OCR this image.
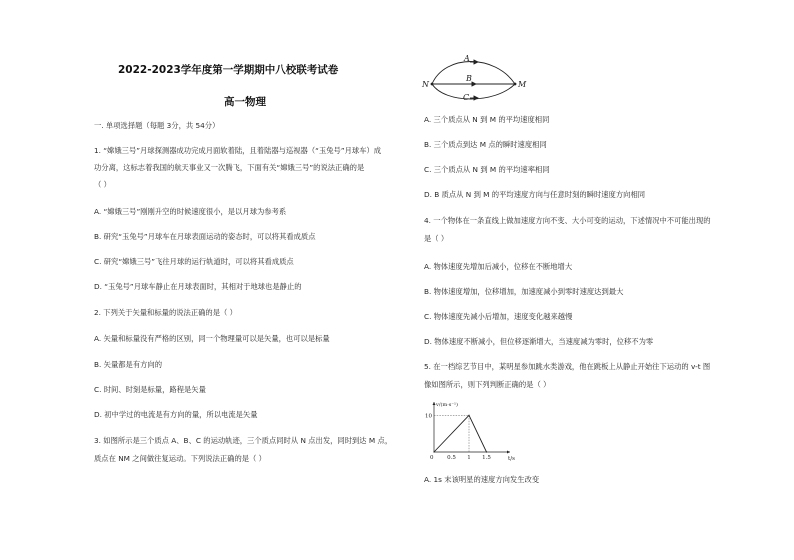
2022-2023学年度第一学期期中八校联考试卷
高一物理
一. 单项选择题（每题 3分，共 54分）
1. “嫦娥三号”月球探测器成功完成月面软着陆，且着陆器与巡视器（“玉兔号”月球车）成
功分离，这标志着我国的航天事业又一次腾飞，下面有关“嫦娥三号”的说法正确的是
（ ）
A. “嫦娥三号”刚刚升空的时候速度很小，是以月球为参考系
B. 研究“玉兔号”月球车在月球表面运动的姿态时，可以将其看成质点
C. 研究“嫦娥三号”飞往月球的运行轨道时，可以将其看成质点
D. “玉兔号”月球车静止在月球表面时，其相对于地球也是静止的
2. 下列关于矢量和标量的说法正确的是（ ）
A. 矢量和标量没有严格的区别，同一个物理量可以是矢量，也可以是标量
B. 矢量都是有方向的
C. 时间、时刻是标量，路程是矢量
D. 初中学过的电流是有方向的量，所以电流是矢量
3. 如图所示是三个质点 A、B、C 的运动轨迹，三个质点同时从 N 点出发，同时到达 M 点，
质点在 NM 之间做往复运动。下列说法正确的是（ ）
A
B
C
N	M
A. 三个质点从 N 到 M 的平均速度相同
B. 三个质点到达 M 点的瞬时速度相同
C. 三个质点从 N 到 M 的平均速率相同
D. B 质点从 N 到 M 的平均速度方向与任意时刻的瞬时速度方向相同
4. 一个物体在一条直线上做加速度方向不变、大小可变的运动，下述情况中不可能出现的
是（ ）
A. 物体速度先增加后减小，位移在不断地增大
B. 物体速度增加，位移增加，加速度减小到零时速度达到最大
C. 物体速度先减小后增加，速度变化越来越慢
D. 物体速度不断减小，但位移逐渐增大，当速度减为零时，位移不为零
5. 在一档综艺节目中，某明星参加跳水类游戏，他在跳板上从静止开始往下运动的 v-t 图
像如图所示，则下列判断正确的是（ ）
v/(m·s⁻¹)
t/s
0
10
0.5 1 1.5
A. 1s 末该明星的速度方向发生改变
